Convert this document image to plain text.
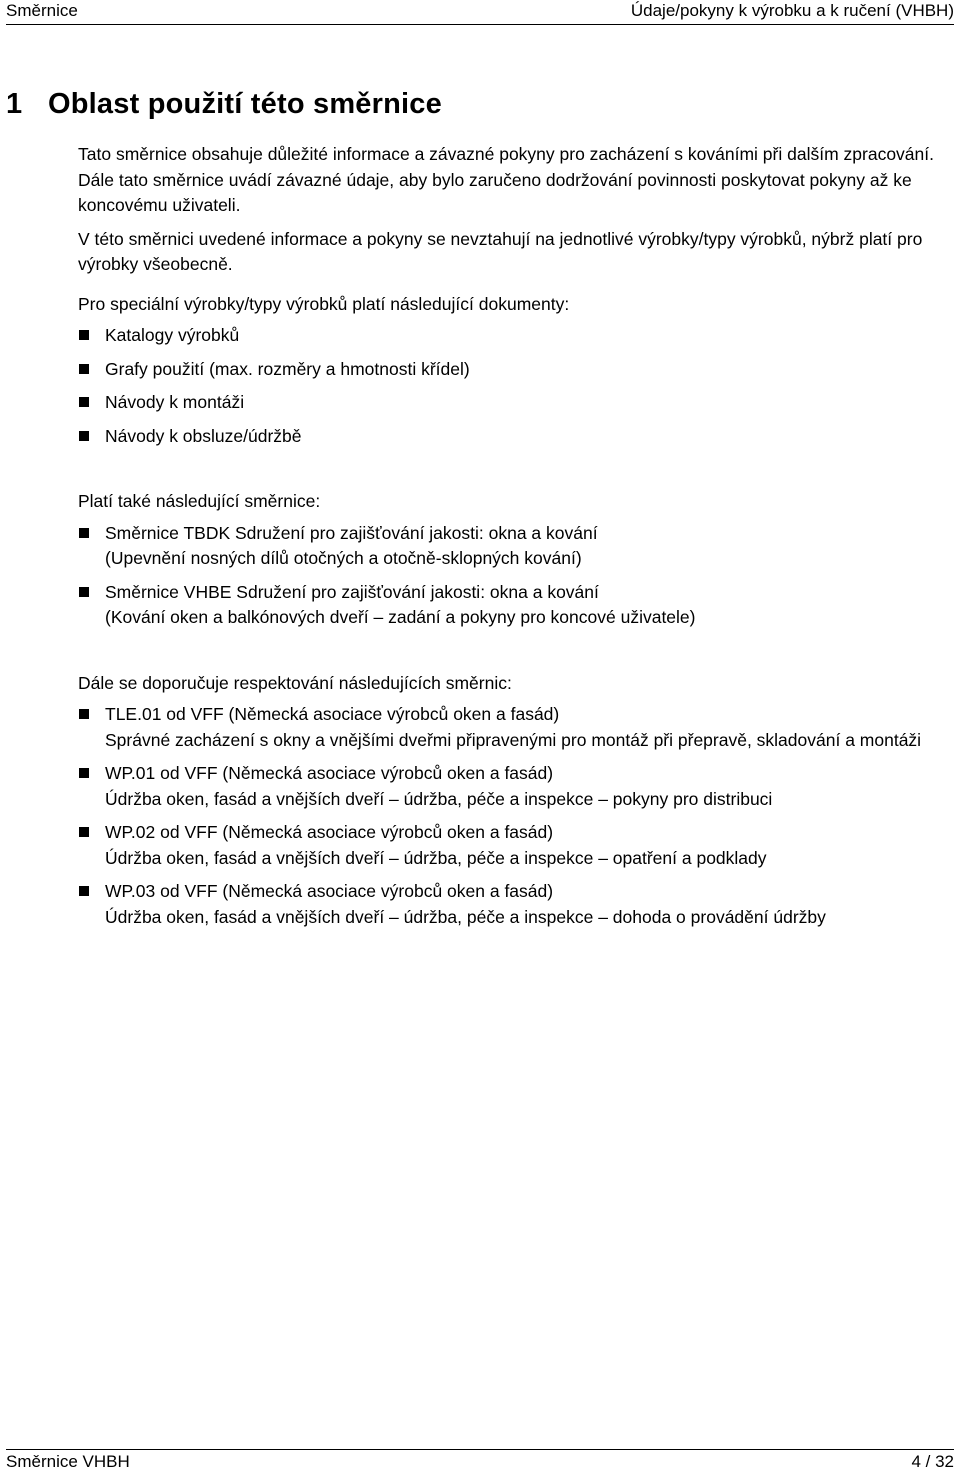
Směrnice	Údaje/pokyny k výrobku a k ručení (VHBH)
1 Oblast použití této směrnice

Tato směrnice obsahuje důležité informace a závazné pokyny pro zacházení s kováními při dalším zpracování. Dále tato směrnice uvádí závazné údaje, aby bylo zaručeno dodržování povinnosti poskytovat pokyny až ke koncovému uživateli.

V této směrnici uvedené informace a pokyny se nevztahují na jednotlivé výrobky/typy výrobků, nýbrž platí pro výrobky všeobecně.

Pro speciální výrobky/typy výrobků platí následující dokumenty:

Katalogy výrobků
Grafy použití (max. rozměry a hmotnosti křídel)
Návody k montáži
Návody k obsluze/údržbě

Platí také následující směrnice:

Směrnice TBDK Sdružení pro zajišťování jakosti: okna a kování
(Upevnění nosných dílů otočných a otočně-sklopných kování)
Směrnice VHBE Sdružení pro zajišťování jakosti: okna a kování
(Kování oken a balkónových dveří – zadání a pokyny pro koncové uživatele)

Dále se doporučuje respektování následujících směrnic:

TLE.01 od VFF (Německá asociace výrobců oken a fasád)
Správné zacházení s okny a vnějšími dveřmi připravenými pro montáž při přepravě, skladování a montáži
WP.01 od VFF (Německá asociace výrobců oken a fasád)
Údržba oken, fasád a vnějších dveří – údržba, péče a inspekce – pokyny pro distribuci
WP.02 od VFF (Německá asociace výrobců oken a fasád)
Údržba oken, fasád a vnějších dveří – údržba, péče a inspekce – opatření a podklady
WP.03 od VFF (Německá asociace výrobců oken a fasád)
Údržba oken, fasád a vnějších dveří – údržba, péče a inspekce – dohoda o provádění údržby
Směrnice VHBH	4 / 32
